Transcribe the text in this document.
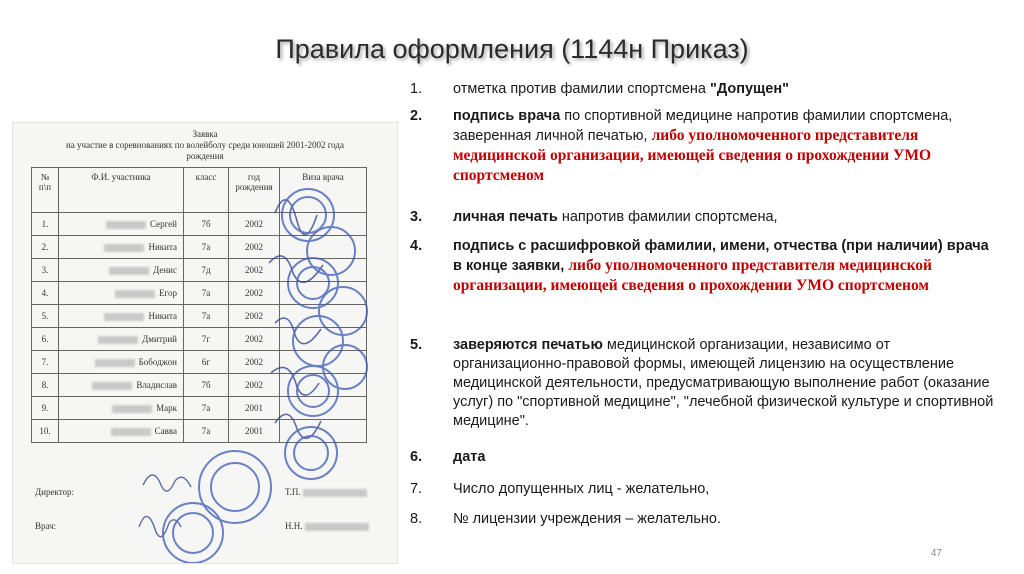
Правила оформления (1144н Приказ)
Заявка
на участие в соревнованиях по волейболу среди юношей 2001-2002 года
рождения
№ п\п	Ф.И. участника	класс	год рождения	Виза врача
1.	Сергей	7б	2002	
2.	Никита	7а	2002	
3.	Денис	7д	2002	
4.	Егор	7а	2002	
5.	Никита	7а	2002	
6.	Дмитрий	7г	2002	
7.	Бободжон	6г	2002	
8.	Владислав	7б	2002	
9.	Марк	7а	2001	
10.	Савва	7а	2001	
Директор:
Врач:
Т.П.
Н.Н.
1.	отметка против фамилии спортсмена "Допущен"
2.	подпись врача по спортивной медицине напротив фамилии спортсмена, заверенная личной печатью, либо уполномоченного представителя медицинской организации, имеющей сведения о прохождении УМО спортсменом
3.	личная печать напротив фамилии спортсмена,
4.	подпись с расшифровкой фамилии, имени, отчества (при наличии) врача в конце заявки, либо уполномоченного представителя медицинской организации, имеющей сведения о прохождении УМО спортсменом
5.	заверяются печатью медицинской организации, независимо от организационно-правовой формы, имеющей лицензию на осуществление медицинской деятельности, предусматривающую выполнение работ (оказание услуг) по "спортивной медицине", "лечебной физической культуре и спортивной медицине".
6.	дата
7.	Число допущенных лиц - желательно,
8.	№ лицензии учреждения – желательно.
47
